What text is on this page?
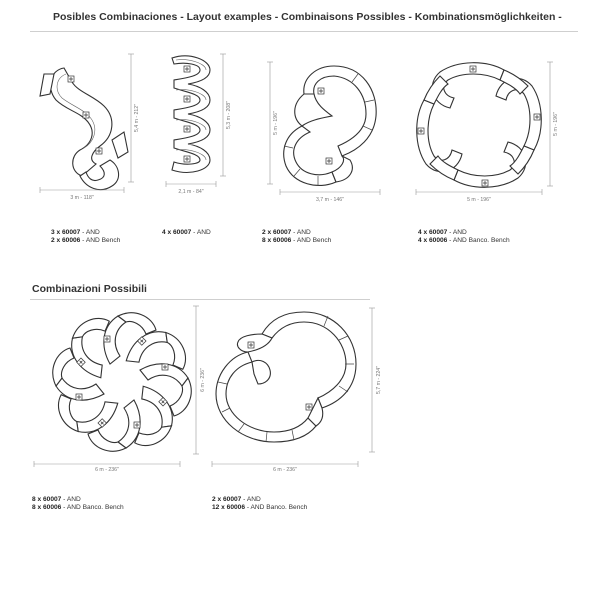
Posibles Combinaciones - Layout examples - Combinaisons Possibles - Kombinationsmöglichkeiten -
Combinazioni Possibili
3 m - 118"
5,4 m - 212"
3 x 60007 - AND
2 x 60006 - AND Bench
2,1 m - 84"
5,3 m - 208"
4 x 60007 - AND
3,7 m - 146"
5 m - 196"
2 x 60007 - AND
8 x 60006 - AND Bench
5 m - 196"
5 m - 196"
4 x 60007 - AND
4 x 60006 - AND Banco. Bench
6 m - 236"
6 m - 236"
8 x 60007 - AND
8 x 60006 - AND Banco. Bench
6 m - 236"
5,7 m - 224"
2 x 60007 - AND
12 x 60006 - AND Banco. Bench
